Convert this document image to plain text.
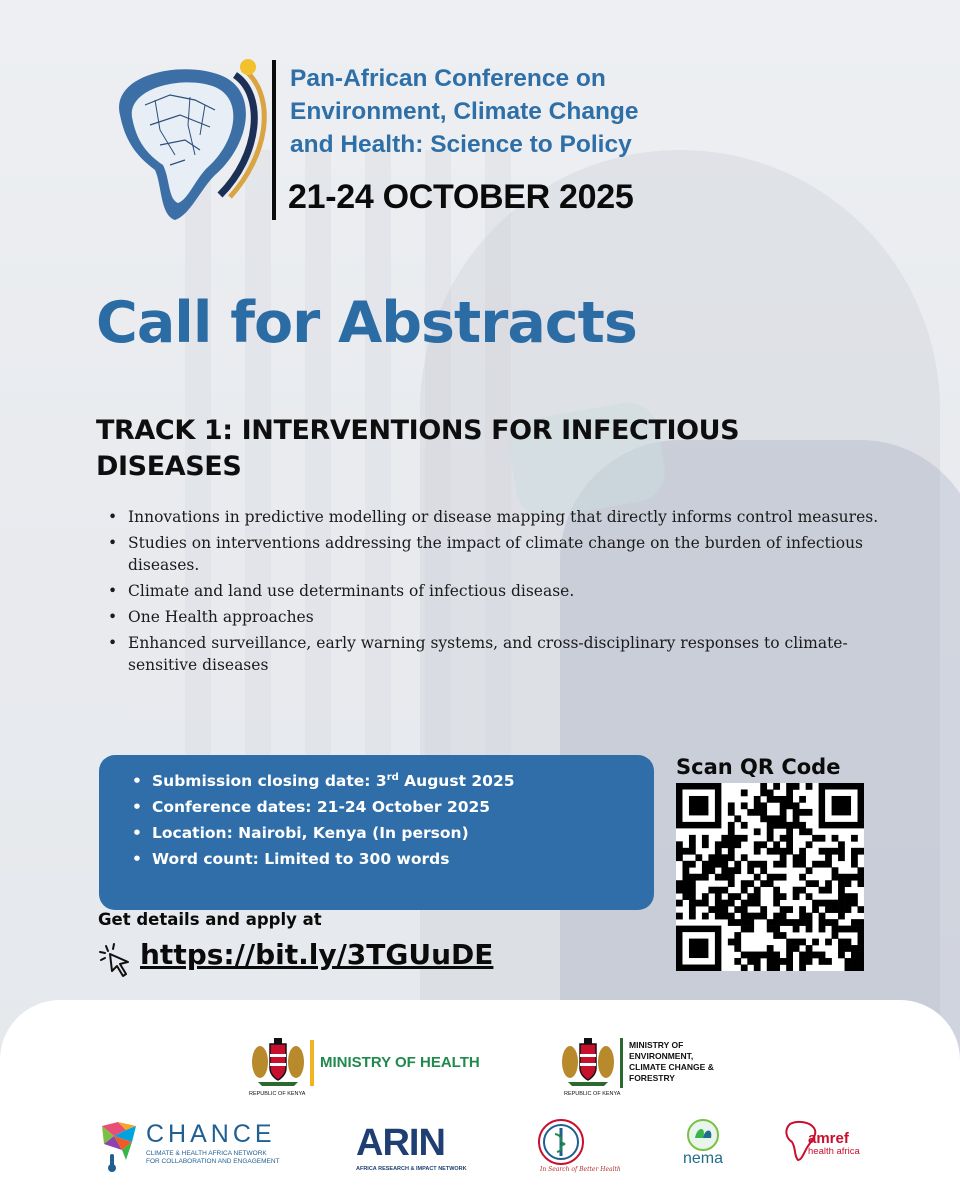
Pan-African Conference on
Environment, Climate Change
and Health: Science to Policy
21-24 OCTOBER 2025
Call for Abstracts
TRACK 1: INTERVENTIONS FOR INFECTIOUS DISEASES
• Innovations in predictive modelling or disease mapping that directly informs control measures.
• Studies on interventions addressing the impact of climate change on the burden of infectious diseases.
• Climate and land use determinants of infectious disease.
• One Health approaches
• Enhanced surveillance, early warning systems, and cross-disciplinary responses to climate-sensitive diseases
• Submission closing date: 3rd August 2025
• Conference dates: 21-24 October 2025
• Location: Nairobi, Kenya (In person)
• Word count: Limited to 300 words
Scan QR Code
Get details and apply at
https://bit.ly/3TGUuDE
REPUBLIC OF KENYA
MINISTRY OF HEALTH
REPUBLIC OF KENYA
MINISTRY OF
ENVIRONMENT,
CLIMATE CHANGE &
FORESTRY
CHANCE
CLIMATE & HEALTH AFRICA NETWORK
FOR COLLABORATION AND ENGAGEMENT ARIN
AFRICA RESEARCH & IMPACT NETWORK	In Search of Better Health
nema
amref
health africa
